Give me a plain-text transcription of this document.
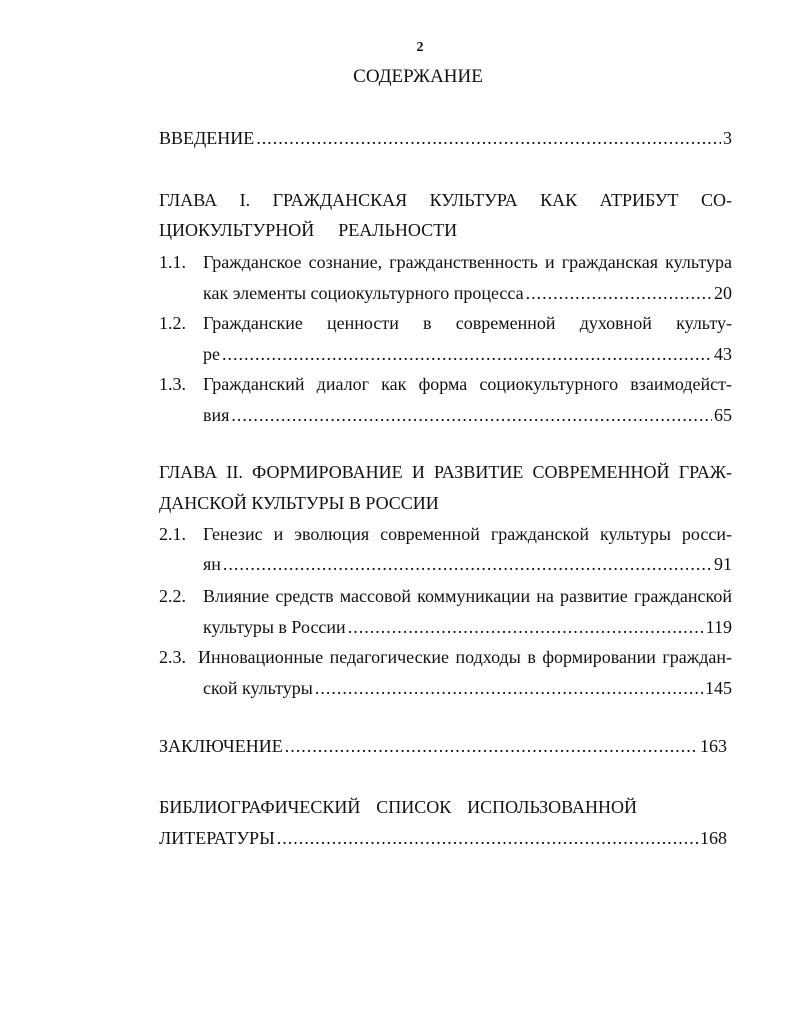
2
СОДЕРЖАНИЕ
ВВЕДЕНИЕ .....	3
ГЛАВА I. ГРАЖДАНСКАЯ КУЛЬТУРА КАК АТРИБУТ СО-
ЦИОКУЛЬТУРНОЙ РЕАЛЬНОСТИ
1.1. Гражданское сознание, гражданственность и гражданская культура
как элементы социокультурного процесса .....	20
1.2. Гражданские ценности в современной духовной культу-
ре .....	43
1.3. Гражданский диалог как форма социокультурного взаимодейст-
вия .....	65
ГЛАВА II. ФОРМИРОВАНИЕ И РАЗВИТИЕ СОВРЕМЕННОЙ ГРАЖ-
ДАНСКОЙ КУЛЬТУРЫ В РОССИИ
2.1. Генезис и эволюция современной гражданской культуры росси-
ян .....	91
2.2. Влияние средств массовой коммуникации на развитие гражданской
культуры в России .....	119
2.3. Инновационные педагогические подходы в формировании граждан-
ской культуры .....	145
ЗАКЛЮЧЕНИЕ .....	163
БИБЛИОГРАФИЧЕСКИЙ СПИСОК ИСПОЛЬЗОВАННОЙ
ЛИТЕРАТУРЫ .....	168
